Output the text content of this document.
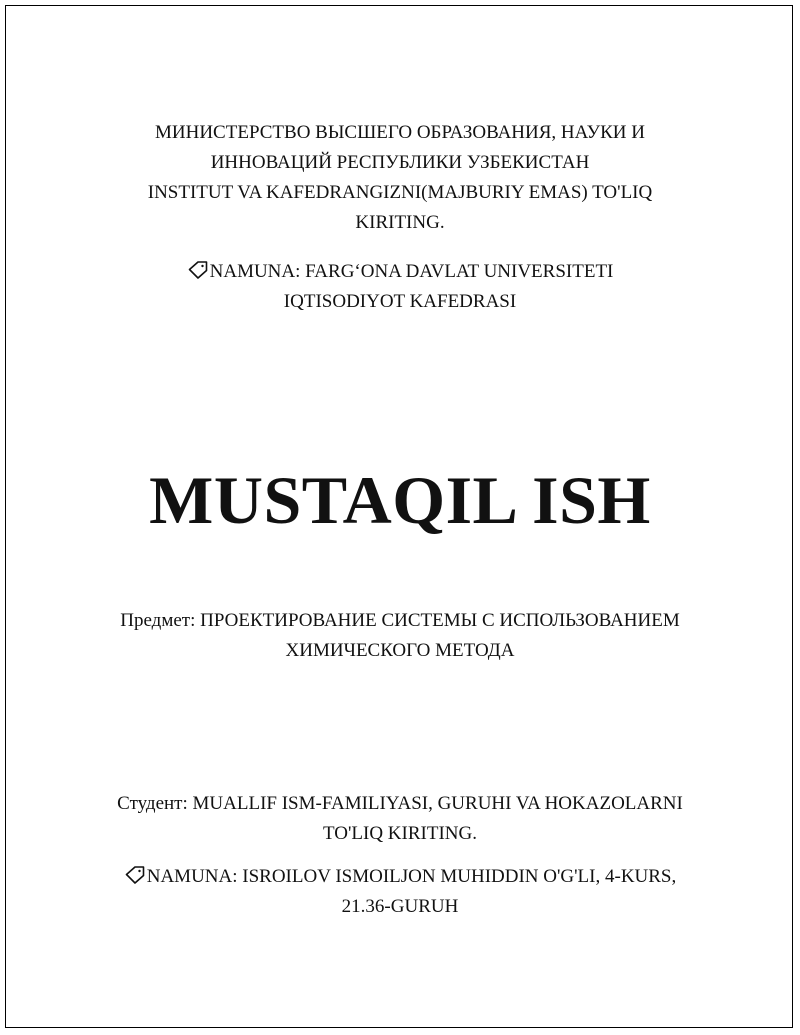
МИНИСТЕРСТВО ВЫСШЕГО ОБРАЗОВАНИЯ, НАУКИ И
ИННОВАЦИЙ РЕСПУБЛИКИ УЗБЕКИСТАН
INSTITUT VA KAFEDRANGIZNI(MAJBURIY EMAS) TO'LIQ
KIRITING.
NAMUNA: FARG‘ONA DAVLAT UNIVERSITETI
IQTISODIYOT KAFEDRASI
MUSTAQIL ISH
Предмет: ПРОЕКТИРОВАНИЕ СИСТЕМЫ С ИСПОЛЬЗОВАНИЕМ
ХИМИЧЕСКОГО МЕТОДА
Студент: MUALLIF ISM-FAMILIYASI, GURUHI VA HOKAZOLARNI
TO'LIQ KIRITING.
NAMUNA: ISROILOV ISMOILJON MUHIDDIN O'G'LI, 4-KURS,
21.36-GURUH
